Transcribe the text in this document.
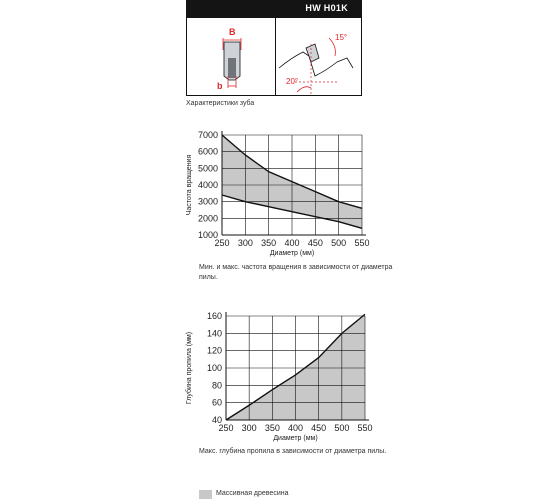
HW H01K
B
b
15°
20°
Характеристики зуба
250 300 350 400 450 500 550
1000
2000
3000
4000
5000
6000
7000
Диаметр (мм)
Частота вращения
Мин. и макс. частота вращения в зависимости от диаметра
пилы.
250 300 350 400 450 500 550
40
60
80
100
120
140
160
Диаметр (мм)
Глубина пропила (мм)
Макс. глубина пропила в зависимости от диаметра пилы.
Массивная древесина
